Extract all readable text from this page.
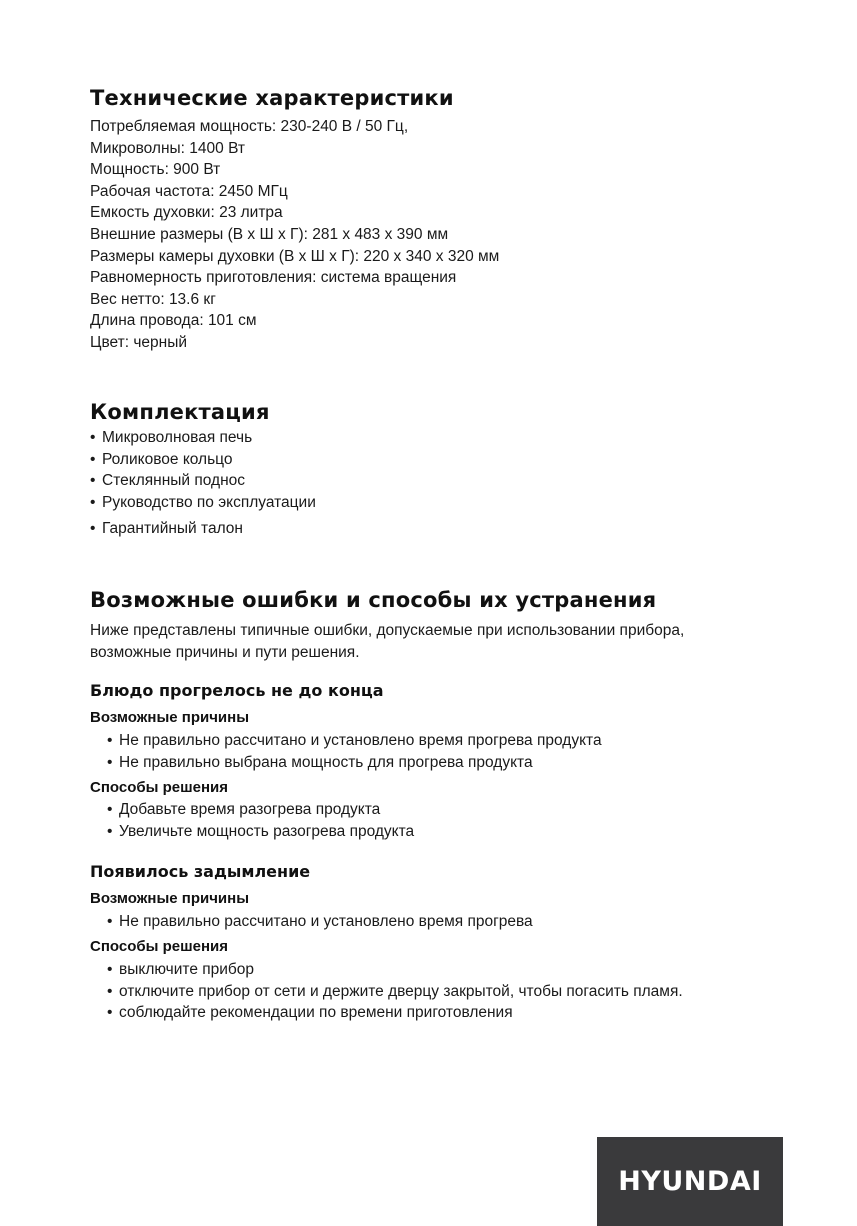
Технические характеристики
Потребляемая мощность: 230-240 В / 50 Гц,
Микроволны: 1400 Вт
Мощность: 900 Вт
Рабочая частота: 2450 МГц
Емкость духовки: 23 литра
Внешние размеры (В х Ш х Г): 281 х 483 х 390 мм
Размеры камеры духовки (В х Ш х Г): 220 х 340 х 320 мм
Равномерность приготовления: система вращения
Вес нетто: 13.6 кг
Длина провода: 101 см
Цвет: черный
Комплектация
• Микроволновая печь
• Роликовое кольцо
• Стеклянный поднос
• Руководство по эксплуатации
• Гарантийный талон
Возможные ошибки и способы их устранения

Ниже представлены типичные ошибки, допускаемые при использовании прибора,

возможные причины и пути решения.

Блюдо прогрелось не до конца
Возможные причины
• Не правильно рассчитано и установлено время прогрева продукта
• Не правильно выбрана мощность для прогрева продукта
Способы решения
• Добавьте время разогрева продукта
• Увеличьте мощность разогрева продукта
Появилось задымление
Возможные причины
• Не правильно рассчитано и установлено время прогрева
Способы решения
• выключите прибор
• отключите прибор от сети и держите дверцу закрытой, чтобы погасить пламя.
• соблюдайте рекомендации по времени приготовления
HYUNDAI
